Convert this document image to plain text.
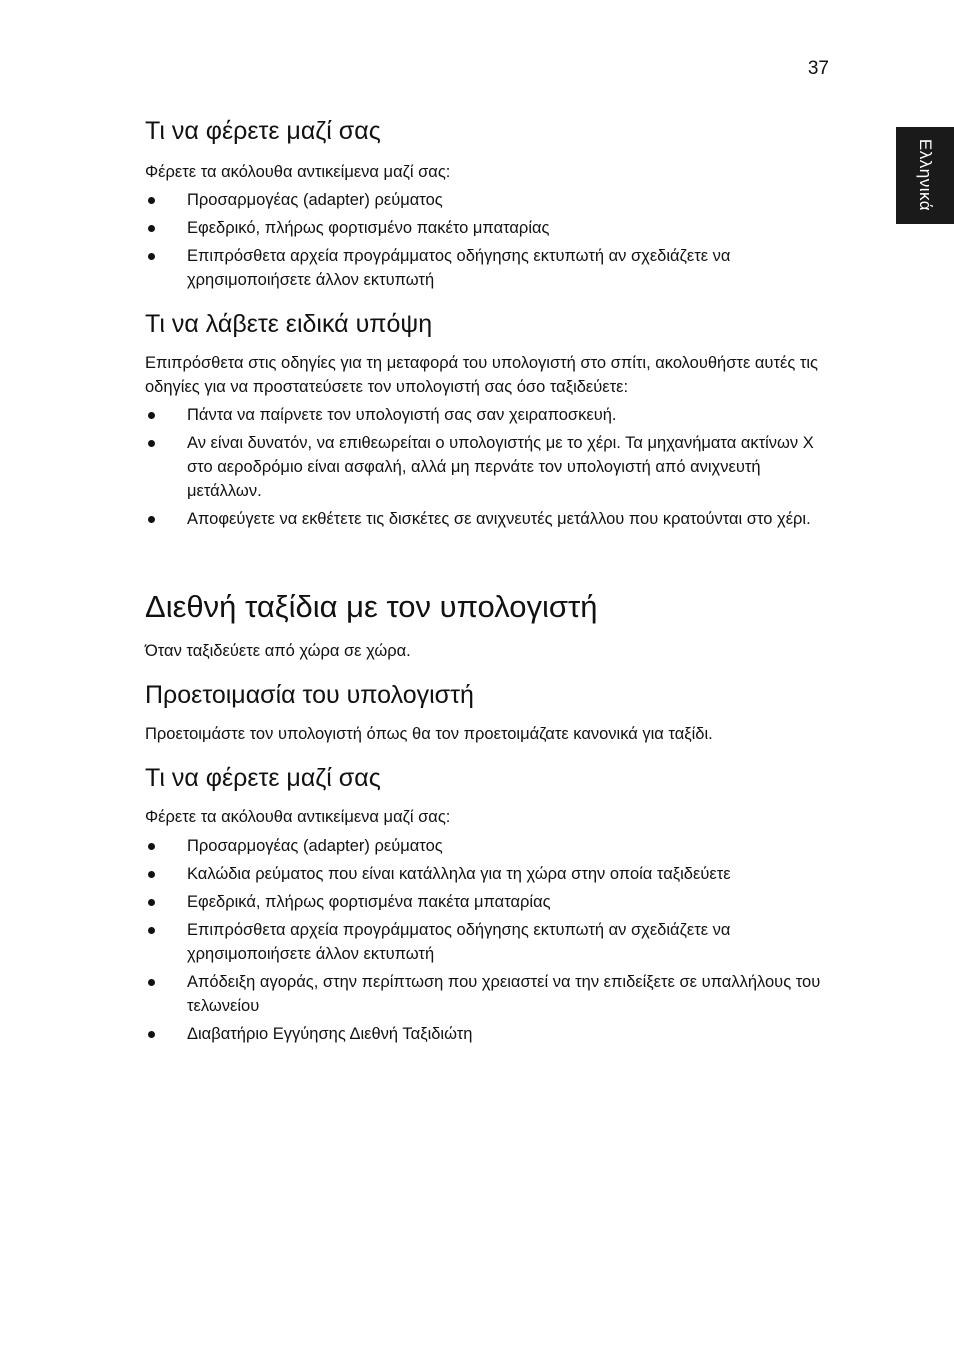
37
Ελληνικά
Τι να φέρετε μαζί σας

Φέρετε τα ακόλουθα αντικείμενα μαζί σας:

Προσαρμογέας (adapter) ρεύματος
Εφεδρικό, πλήρως φορτισμένο πακέτο μπαταρίας
Επιπρόσθετα αρχεία προγράμματος οδήγησης εκτυπωτή αν σχεδιάζετε να χρησιμοποιήσετε άλλον εκτυπωτή
Τι να λάβετε ειδικά υπόψη

Επιπρόσθετα στις οδηγίες για τη μεταφορά του υπολογιστή στο σπίτι, ακολουθήστε αυτές τις οδηγίες για να προστατεύσετε τον υπολογιστή σας όσο ταξιδεύετε:

Πάντα να παίρνετε τον υπολογιστή σας σαν χειραποσκευή.
Αν είναι δυνατόν, να επιθεωρείται ο υπολογιστής με το χέρι. Τα μηχανήματα ακτίνων X στο αεροδρόμιο είναι ασφαλή, αλλά μη περνάτε τον υπολογιστή από ανιχνευτή μετάλλων.
Αποφεύγετε να εκθέτετε τις δισκέτες σε ανιχνευτές μετάλλου που κρατούνται στο χέρι.
Διεθνή ταξίδια με τον υπολογιστή

Όταν ταξιδεύετε από χώρα σε χώρα.

Προετοιμασία του υπολογιστή

Προετοιμάστε τον υπολογιστή όπως θα τον προετοιμάζατε κανονικά για ταξίδι.

Τι να φέρετε μαζί σας

Φέρετε τα ακόλουθα αντικείμενα μαζί σας:

Προσαρμογέας (adapter) ρεύματος
Καλώδια ρεύματος που είναι κατάλληλα για τη χώρα στην οποία ταξιδεύετε
Εφεδρικά, πλήρως φορτισμένα πακέτα μπαταρίας
Επιπρόσθετα αρχεία προγράμματος οδήγησης εκτυπωτή αν σχεδιάζετε να χρησιμοποιήσετε άλλον εκτυπωτή
Απόδειξη αγοράς, στην περίπτωση που χρειαστεί να την επιδείξετε σε υπαλλήλους του τελωνείου
Διαβατήριο Εγγύησης Διεθνή Ταξιδιώτη
